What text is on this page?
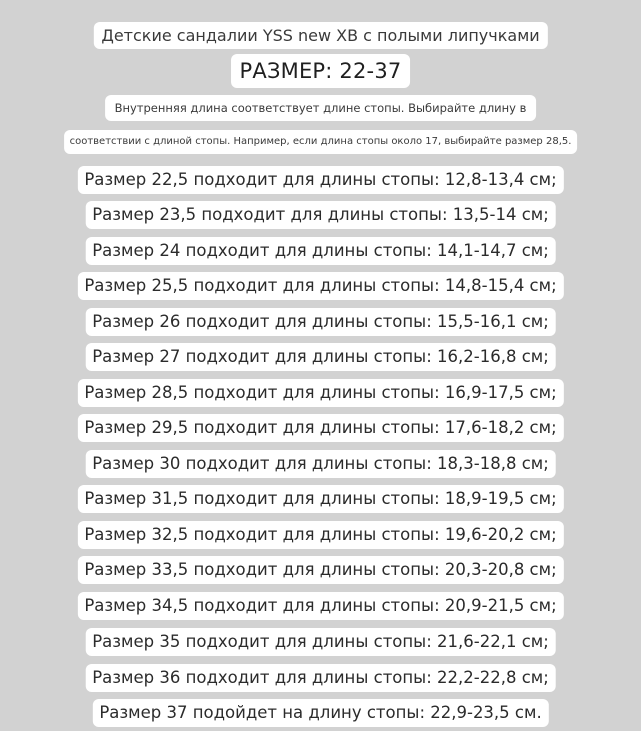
Детские сандалии YSS new XB с полыми липучками
РАЗМЕР: 22-37
Внутренняя длина соответствует длине стопы. Выбирайте длину в
соответствии с длиной стопы. Например, если длина стопы около 17, выбирайте размер 28,5.
Размер 22,5 подходит для длины стопы: 12,8-13,4 см;
Размер 23,5 подходит для длины стопы: 13,5-14 см;
Размер 24 подходит для длины стопы: 14,1-14,7 см;
Размер 25,5 подходит для длины стопы: 14,8-15,4 см;
Размер 26 подходит для длины стопы: 15,5-16,1 см;
Размер 27 подходит для длины стопы: 16,2-16,8 см;
Размер 28,5 подходит для длины стопы: 16,9-17,5 см;
Размер 29,5 подходит для длины стопы: 17,6-18,2 см;
Размер 30 подходит для длины стопы: 18,3-18,8 см;
Размер 31,5 подходит для длины стопы: 18,9-19,5 см;
Размер 32,5 подходит для длины стопы: 19,6-20,2 см;
Размер 33,5 подходит для длины стопы: 20,3-20,8 см;
Размер 34,5 подходит для длины стопы: 20,9-21,5 см;
Размер 35 подходит для длины стопы: 21,6-22,1 см;
Размер 36 подходит для длины стопы: 22,2-22,8 см;
Размер 37 подойдет на длину стопы: 22,9-23,5 см.
